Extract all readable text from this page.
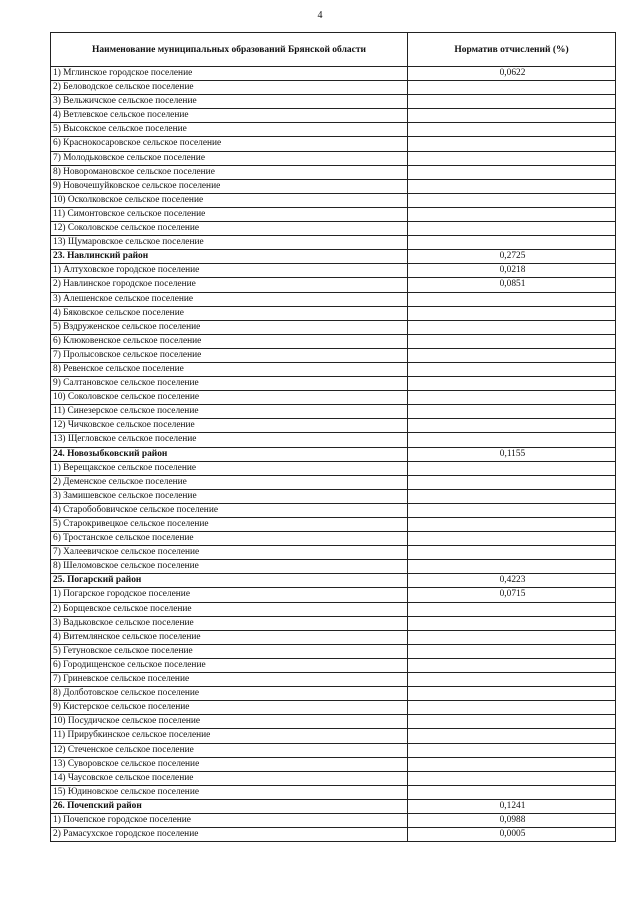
4
Наименование муниципальных образований Брянской области	Норматив отчислений (%)
1) Мглинское городское поселение	0,0622
2) Беловодское сельское поселение	
3) Вельжичское сельское поселение	
4) Ветлевское сельское поселение	
5) Высокское сельское поселение	
6) Краснокосаровское сельское поселение	
7) Молодьковское сельское поселение	
8) Новоромановское сельское поселение	
9) Новочешуйковское сельское поселение	
10) Осколковское сельское поселение	
11) Симонтовское сельское поселение	
12) Соколовское сельское поселение	
13) Щумаровское сельское поселение	
23. Навлинский район	0,2725
1) Алтуховское городское поселение	0,0218
2) Навлинское городское поселение	0,0851
3) Алешенское сельское поселение	
4) Бяковское сельское поселение	
5) Вздруженское сельское поселение	
6) Клюковенское сельское поселение	
7) Пролысовское сельское поселение	
8) Ревенское сельское поселение	
9) Салтановское сельское поселение	
10) Соколовское сельское поселение	
11) Синезерское сельское поселение	
12) Чичковское сельское поселение	
13) Щегловское сельское поселение	
24. Новозыбковский район	0,1155
1) Верещакское сельское поселение	
2) Деменское сельское поселение	
3) Замишевское сельское поселение	
4) Старобобовичское сельское поселение	
5) Старокривецкое сельское поселение	
6) Тростанское сельское поселение	
7) Халеевичское сельское поселение	
8) Шеломовское сельское поселение	
25. Погарский район	0,4223
1) Погарское городское поселение	0,0715
2) Борщевское сельское поселение	
3) Вадьковское сельское поселение	
4) Витемлянское сельское поселение	
5) Гетуновское сельское поселение	
6) Городищенское сельское поселение	
7) Гриневское сельское поселение	
8) Долботовское сельское поселение	
9) Кистерское сельское поселение	
10) Посудичское сельское поселение	
11) Прирубкинское сельское поселение	
12) Стеченское сельское поселение	
13) Суворовское сельское поселение	
14) Чаусовское сельское поселение	
15) Юдиновское сельское поселение	
26. Почепский район	0,1241
1) Почепское городское поселение	0,0988
2) Рамасухское городское поселение	0,0005
